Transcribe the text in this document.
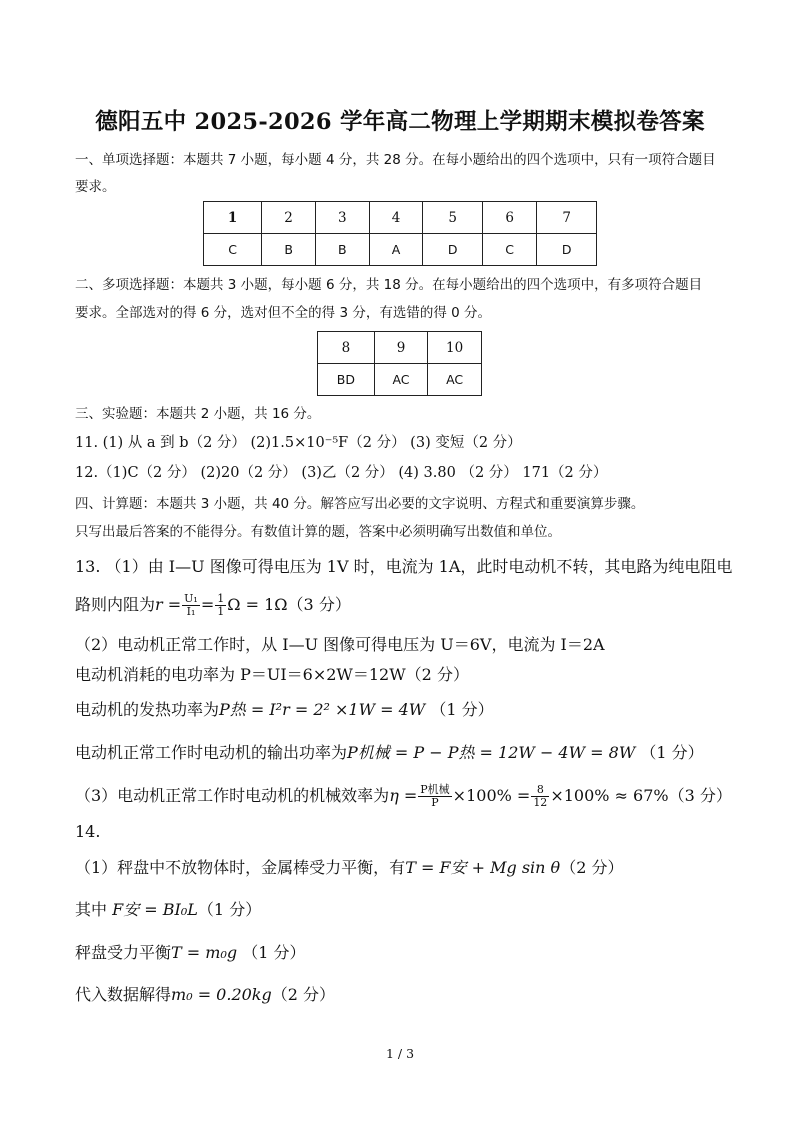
德阳五中 2025-2026 学年高二物理上学期期末模拟卷答案
一、单项选择题：本题共 7 小题，每小题 4 分，共 28 分。在每小题给出的四个选项中，只有一项符合题目
要求。
1	2	3	4	5	6	7
C	B	B	A	D	C	D
二、多项选择题：本题共 3 小题，每小题 6 分，共 18 分。在每小题给出的四个选项中，有多项符合题目
要求。全部选对的得 6 分，选对但不全的得 3 分，有选错的得 0 分。
8	9	10
BD	AC	AC
三、实验题：本题共 2 小题，共 16 分。
11. (1) 从 a 到 b（2 分） (2)1.5×10⁻⁵F（2 分） (3) 变短（2 分）
12.（1)C（2 分） (2)20（2 分） (3)乙（2 分） (4) 3.80 （2 分） 171（2 分）
四、计算题：本题共 3 小题，共 40 分。解答应写出必要的文字说明、方程式和重要演算步骤。
只写出最后答案的不能得分。有数值计算的题，答案中必须明确写出数值和单位。
13. （1）由 I—U 图像可得电压为 1V 时，电流为 1A，此时电动机不转，其电路为纯电阻电
路则内阻为$r = \frac{\text{U₁}}{\text{I₁}} = \frac{1}{1}$ Ω = 1Ω（3 分）
（2）电动机正常工作时，从 I—U 图像可得电压为 U＝6V，电流为 I＝2A
电动机消耗的电功率为 P＝UI＝6×2W＝12W（2 分）
电动机的发热功率为P热 = I²r = 2² ×1W = 4W （1 分）
电动机正常工作时电动机的输出功率为P机械 = P − P热 = 12W − 4W = 8W （1 分）
（3）电动机正常工作时电动机的机械效率为$\eta = \frac{\text{P机械}}{P} \times 100\% = \frac{8}{12} \times 100\% \approx 67\%(3$ 分）
14.
（1）秤盘中不放物体时，金属棒受力平衡，有T = F安 + Mg sin θ（2 分）
其中 F安 = BI₀L（1 分）
秤盘受力平衡T = m₀g （1 分）
代入数据解得m₀ = 0.20kg（2 分）
1 / 3
